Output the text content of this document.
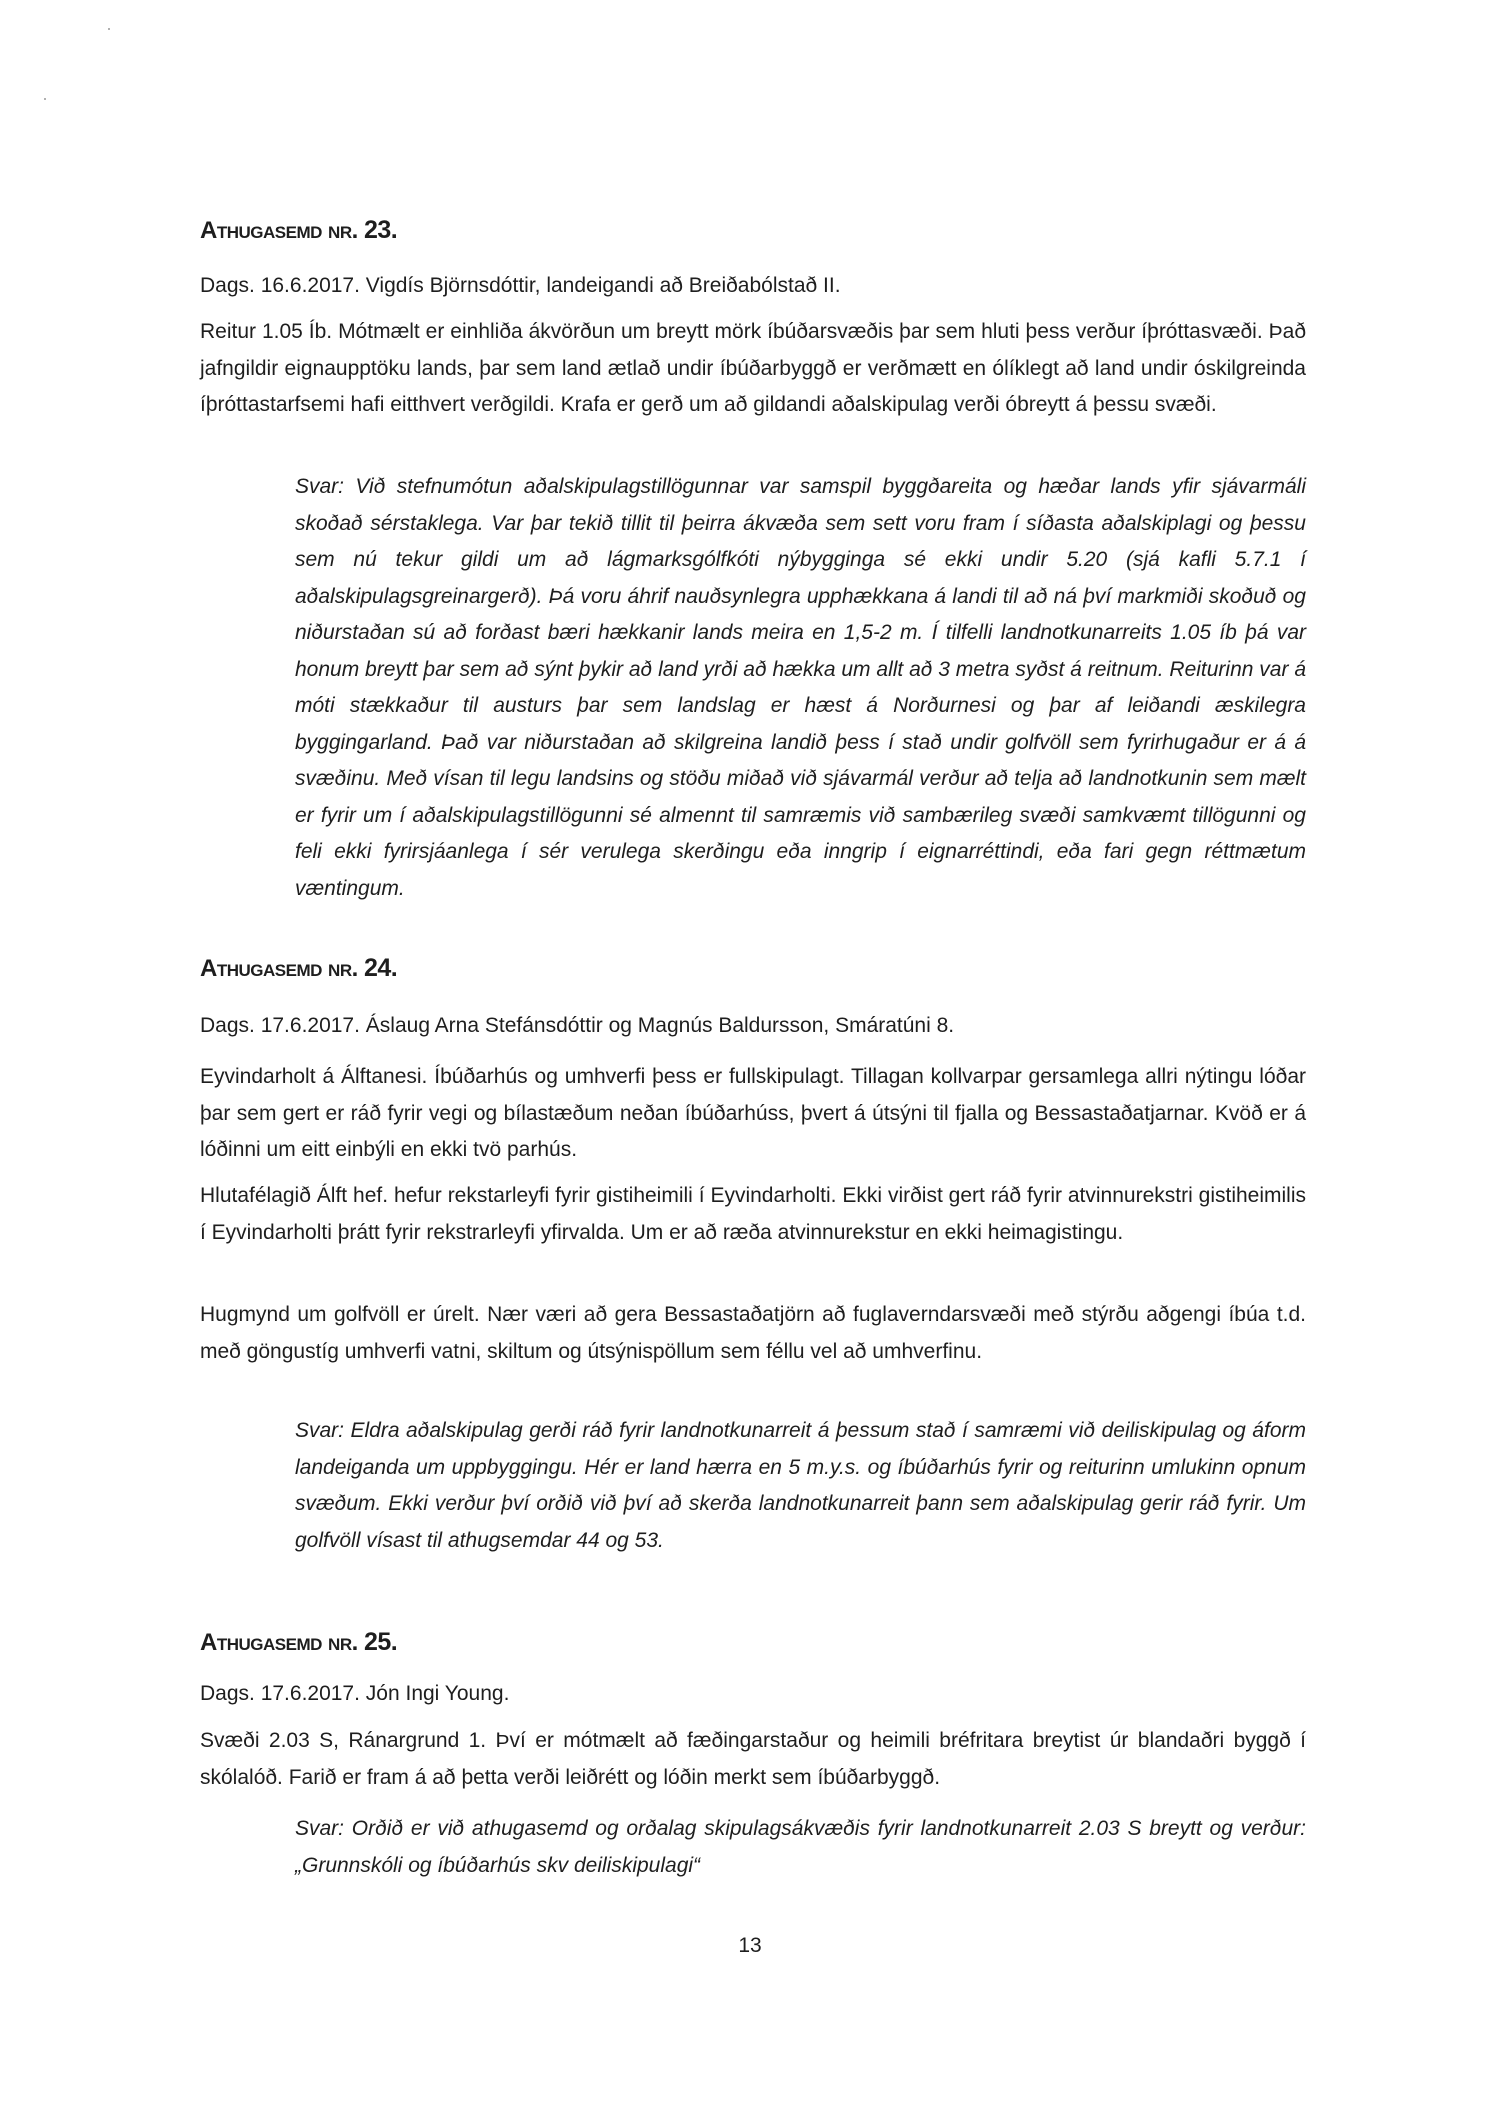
Athugasemd nr. 23.

Dags. 16.6.2017. Vigdís Björnsdóttir, landeigandi að Breiðabólstað II.

Reitur 1.05 Íb. Mótmælt er einhliða ákvörðun um breytt mörk íbúðarsvæðis þar sem hluti þess verður íþróttasvæði. Það jafngildir eignaupptöku lands, þar sem land ætlað undir íbúðarbyggð er verðmætt en ólíklegt að land undir óskilgreinda íþróttastarfsemi hafi eitthvert verðgildi. Krafa er gerð um að gildandi aðalskipulag verði óbreytt á þessu svæði.

Svar: Við stefnumótun aðalskipulagstillögunnar var samspil byggðareita og hæðar lands yfir sjávarmáli skoðað sérstaklega. Var þar tekið tillit til þeirra ákvæða sem sett voru fram í síðasta aðalskiplagi og þessu sem nú tekur gildi um að lágmarksgólfkóti nýbygginga sé ekki undir 5.20 (sjá kafli 5.7.1 í aðalskipulagsgreinargerð). Þá voru áhrif nauðsynlegra upphækkana á landi til að ná því markmiði skoðuð og niðurstaðan sú að forðast bæri hækkanir lands meira en 1,5-2 m. Í tilfelli landnotkunarreits 1.05 íb þá var honum breytt þar sem að sýnt þykir að land yrði að hækka um allt að 3 metra syðst á reitnum. Reiturinn var á móti stækkaður til austurs þar sem landslag er hæst á Norðurnesi og þar af leiðandi æskilegra byggingarland. Það var niðurstaðan að skilgreina landið þess í stað undir golfvöll sem fyrirhugaður er á á svæðinu. Með vísan til legu landsins og stöðu miðað við sjávarmál verður að telja að landnotkunin sem mælt er fyrir um í aðalskipulagstillögunni sé almennt til samræmis við sambærileg svæði samkvæmt tillögunni og feli ekki fyrirsjáanlega í sér verulega skerðingu eða inngrip í eignarréttindi, eða fari gegn réttmætum væntingum.

Athugasemd nr. 24.

Dags. 17.6.2017. Áslaug Arna Stefánsdóttir og Magnús Baldursson, Smáratúni 8.

Eyvindarholt á Álftanesi. Íbúðarhús og umhverfi þess er fullskipulagt. Tillagan kollvarpar gersamlega allri nýtingu lóðar þar sem gert er ráð fyrir vegi og bílastæðum neðan íbúðarhúss, þvert á útsýni til fjalla og Bessastaðatjarnar. Kvöð er á lóðinni um eitt einbýli en ekki tvö parhús.

Hlutafélagið Álft hef. hefur rekstarleyfi fyrir gistiheimili í Eyvindarholti. Ekki virðist gert ráð fyrir atvinnurekstri gistiheimilis í Eyvindarholti þrátt fyrir rekstrarleyfi yfirvalda. Um er að ræða atvinnurekstur en ekki heimagistingu.

Hugmynd um golfvöll er úrelt. Nær væri að gera Bessastaðatjörn að fuglaverndarsvæði með stýrðu aðgengi íbúa t.d. með göngustíg umhverfi vatni, skiltum og útsýnispöllum sem féllu vel að umhverfinu.

Svar: Eldra aðalskipulag gerði ráð fyrir landnotkunarreit á þessum stað í samræmi við deiliskipulag og áform landeiganda um uppbyggingu. Hér er land hærra en 5 m.y.s. og íbúðarhús fyrir og reiturinn umlukinn opnum svæðum. Ekki verður því orðið við því að skerða landnotkunarreit þann sem aðalskipulag gerir ráð fyrir. Um golfvöll vísast til athugsemdar 44 og 53.

Athugasemd nr. 25.

Dags. 17.6.2017. Jón Ingi Young.

Svæði 2.03 S, Ránargrund 1. Því er mótmælt að fæðingarstaður og heimili bréfritara breytist úr blandaðri byggð í skólalóð. Farið er fram á að þetta verði leiðrétt og lóðin merkt sem íbúðarbyggð.

Svar: Orðið er við athugasemd og orðalag skipulagsákvæðis fyrir landnotkunarreit 2.03 S breytt og verður: „Grunnskóli og íbúðarhús skv deiliskipulagi“

13
